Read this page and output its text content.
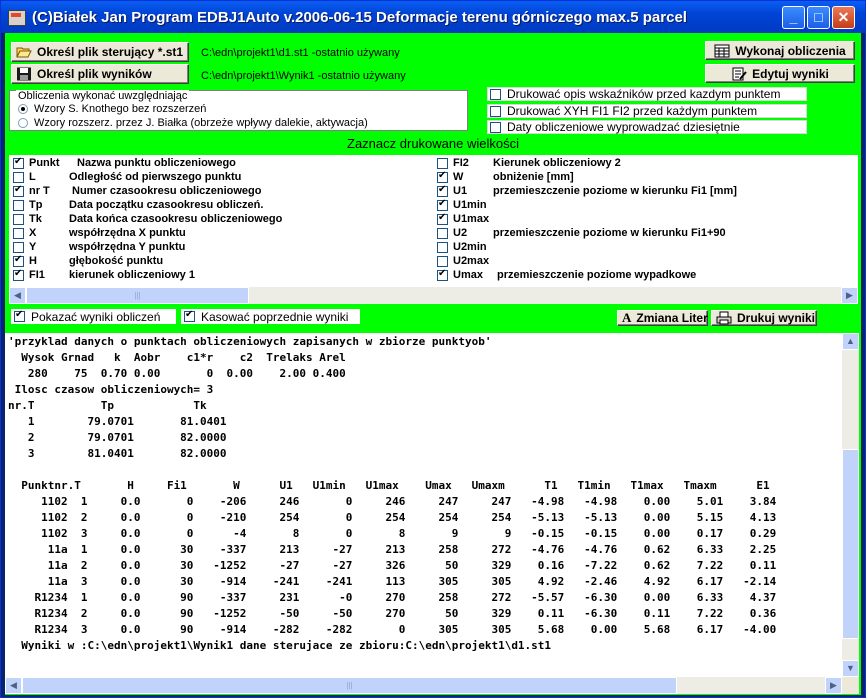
(C)Białek Jan Program EDBJ1Auto v.2006-06-15 Deformacje terenu górniczego max.5 parcel	_	□	✕
Określ plik sterujący *.st1 C:\edn\projekt1\d1.st1 -ostatnio używany
Określ plik wyników	C:\edn\projekt1\Wynik1 -ostatnio używany
Wykonaj obliczenia
Edytuj wyniki
Obliczenia wykonać uwzględniając
Wzory S. Knothego bez rozszerzeń
Wzory rozszerz. przez J. Białka (obrzeże wpływy dalekie, aktywacja)
Drukować opis wskaźników przed kazdym punktem
Drukować XYH FI1 FI2 przed każdym punktem
Daty obliczeniowe wyprowadzać dziesiętnie
Zaznacz drukowane wielkości
✔
Punkt	Nazwa punktu obliczeniowego
L	Odległość od pierwszego punktu
✔
nr T	Numer czasookresu obliczeniowego
Tp	Data początku czasookresu obliczeń.
Tk	Data końca czasookresu obliczeniowego
X	współrzędna X punktu
Y	współrzędna Y punktu
✔
H	głębokość punktu
✔
FI1	kierunek obliczeniowy 1
FI2	Kierunek obliczeniowy 2
✔
W	obniżenie [mm]
✔
U1	przemieszczenie poziome w kierunku Fi1 [mm]
✔
U1min
✔
U1max
U2	przemieszczenie poziome w kierunku Fi1+90
U2min
U2max
✔
Umax	przemieszczenie poziome wypadkowe
◀	|||	▶
✔
Pokazać wyniki obliczeń
✔	Kasować poprzednie wyniki	A Zmiana Liter Drukuj wyniki
'przyklad danych o punktach obliczeniowych zapisanych w zbiorze punktyob'
Wysok Grnad   k  Aobr    c1*r    c2  Trelaks Arel
280    75  0.70 0.00       0  0.00    2.00 0.400
Ilosc czasow obliczeniowych= 3
nr.T          Tp            Tk
1        79.0701       81.0401
2        79.0701       82.0000
3        81.0401       82.0000

Punktnr.T       H     Fi1       W      U1   U1min   U1max    Umax   Umaxm      T1   T1min   T1max   Tmaxm      E1
1102  1     0.0       0    -206     246       0     246     247     247   -4.98   -4.98    0.00    5.01    3.84
1102  2     0.0       0    -210     254       0     254     254     254   -5.13   -5.13    0.00    5.15    4.13
1102  3     0.0       0      -4       8       0       8       9       9   -0.15   -0.15    0.00    0.17    0.29
11a  1     0.0      30    -337     213     -27     213     258     272   -4.76   -4.76    0.62    6.33    2.25
11a  2     0.0      30   -1252     -27     -27     326      50     329    0.16   -7.22    0.62    7.22    0.11
11a  3     0.0      30    -914    -241    -241     113     305     305    4.92   -2.46    4.92    6.17   -2.14
R1234  1     0.0      90    -337     231      -0     270     258     272   -5.57   -6.30    0.00    6.33    4.37
R1234  2     0.0      90   -1252     -50     -50     270      50     329    0.11   -6.30    0.11    7.22    0.36
R1234  3     0.0      90    -914    -282    -282       0     305     305    5.68    0.00    5.68    6.17   -4.00
Wyniki w :C:\edn\projekt1\Wynik1 dane sterujace ze zbioru:C:\edn\projekt1\d1.st1
▲
▼
◀	|||	▶
